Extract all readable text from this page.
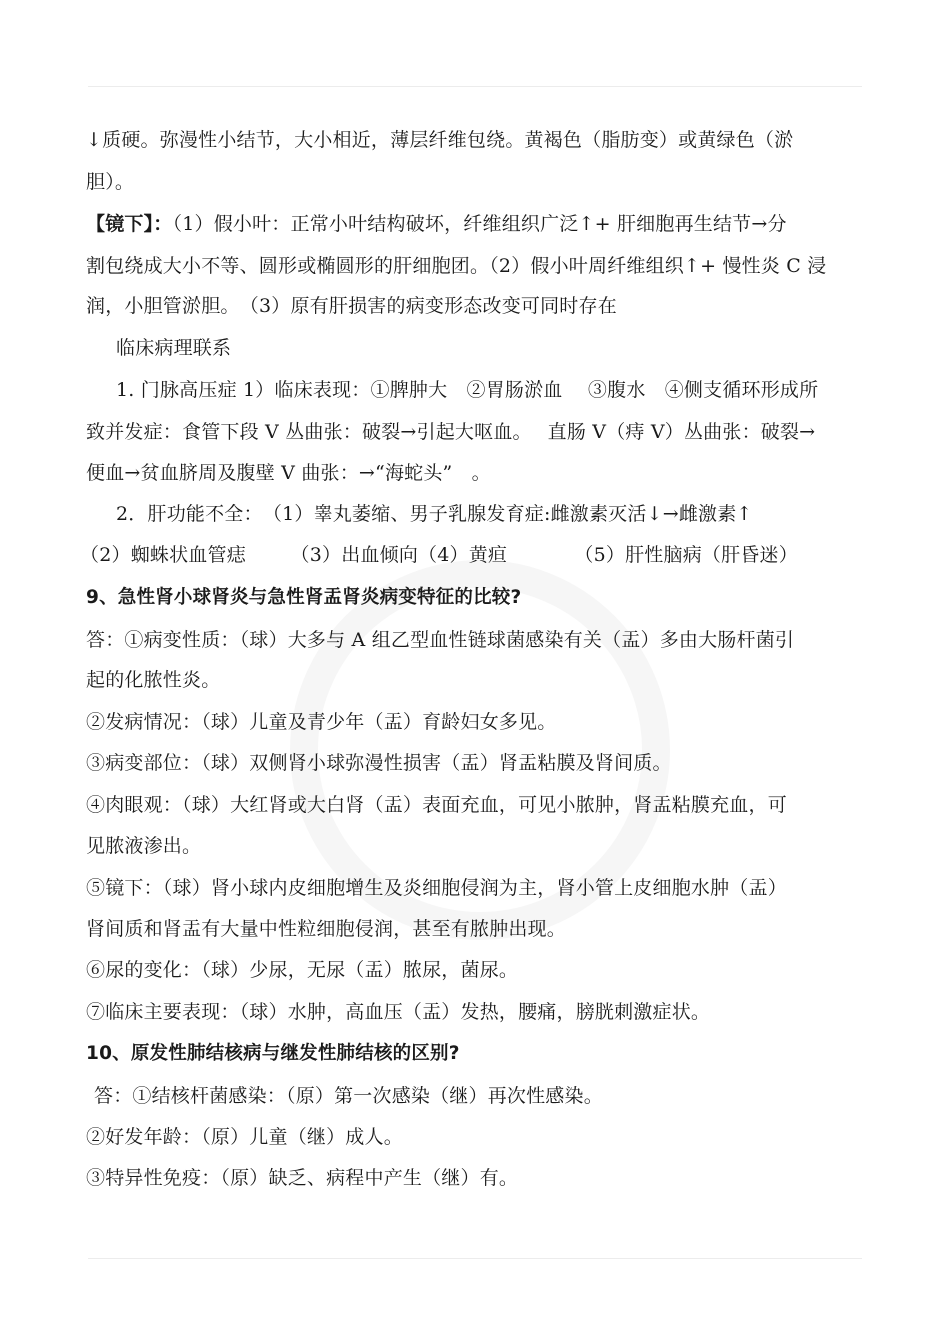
↓质硬。弥漫性小结节，大小相近，薄层纤维包绕。黄褐色（脂肪变）或黄绿色（淤
胆）。
【镜下】：（1）假小叶：正常小叶结构破坏，纤维组织广泛↑+ 肝细胞再生结节→分
割包绕成大小不等、圆形或椭圆形的肝细胞团。（2）假小叶周纤维组织↑+ 慢性炎 C 浸
润，小胆管淤胆。　（3）原有肝损害的病变形态改变可同时存在
临床病理联系
1. 门脉高压症 1）临床表现：①脾肿大　②胃肠淤血　 ③腹水　④侧支循环形成所
致并发症：食管下段 V 丛曲张：破裂→引起大呕血。　 直肠 V（痔 V）丛曲张：破裂→
便血→贫血脐周及腹壁 V 曲张：→“海蛇头”　。
2．肝功能不全：　（1）睾丸萎缩、男子乳腺发育症:雌激素灭活↓→雌激素↑
（2）蜘蛛状血管痣　　 （3）出血倾向（4）黄疸　　　　（5）肝性脑病（肝昏迷）
9、急性肾小球肾炎与急性肾盂肾炎病变特征的比较?
答：①病变性质：（球）大多与 A 组乙型血性链球菌感染有关（盂）多由大肠杆菌引
起的化脓性炎。
②发病情况：（球）儿童及青少年（盂）育龄妇女多见。
③病变部位：（球）双侧肾小球弥漫性损害（盂）肾盂粘膜及肾间质。
④肉眼观：（球）大红肾或大白肾（盂）表面充血，可见小脓肿，肾盂粘膜充血，可
见脓液渗出。
⑤镜下：（球）肾小球内皮细胞增生及炎细胞侵润为主，肾小管上皮细胞水肿（盂）
肾间质和肾盂有大量中性粒细胞侵润，甚至有脓肿出现。
⑥尿的变化：（球）少尿，无尿（盂）脓尿，菌尿。
⑦临床主要表现：（球）水肿，高血压（盂）发热，腰痛，膀胱刺激症状。
10、原发性肺结核病与继发性肺结核的区别?
答：①结核杆菌感染：（原）第一次感染（继）再次性感染。
②好发年龄：（原）儿童（继）成人。
③特异性免疫：（原）缺乏、病程中产生（继）有。
